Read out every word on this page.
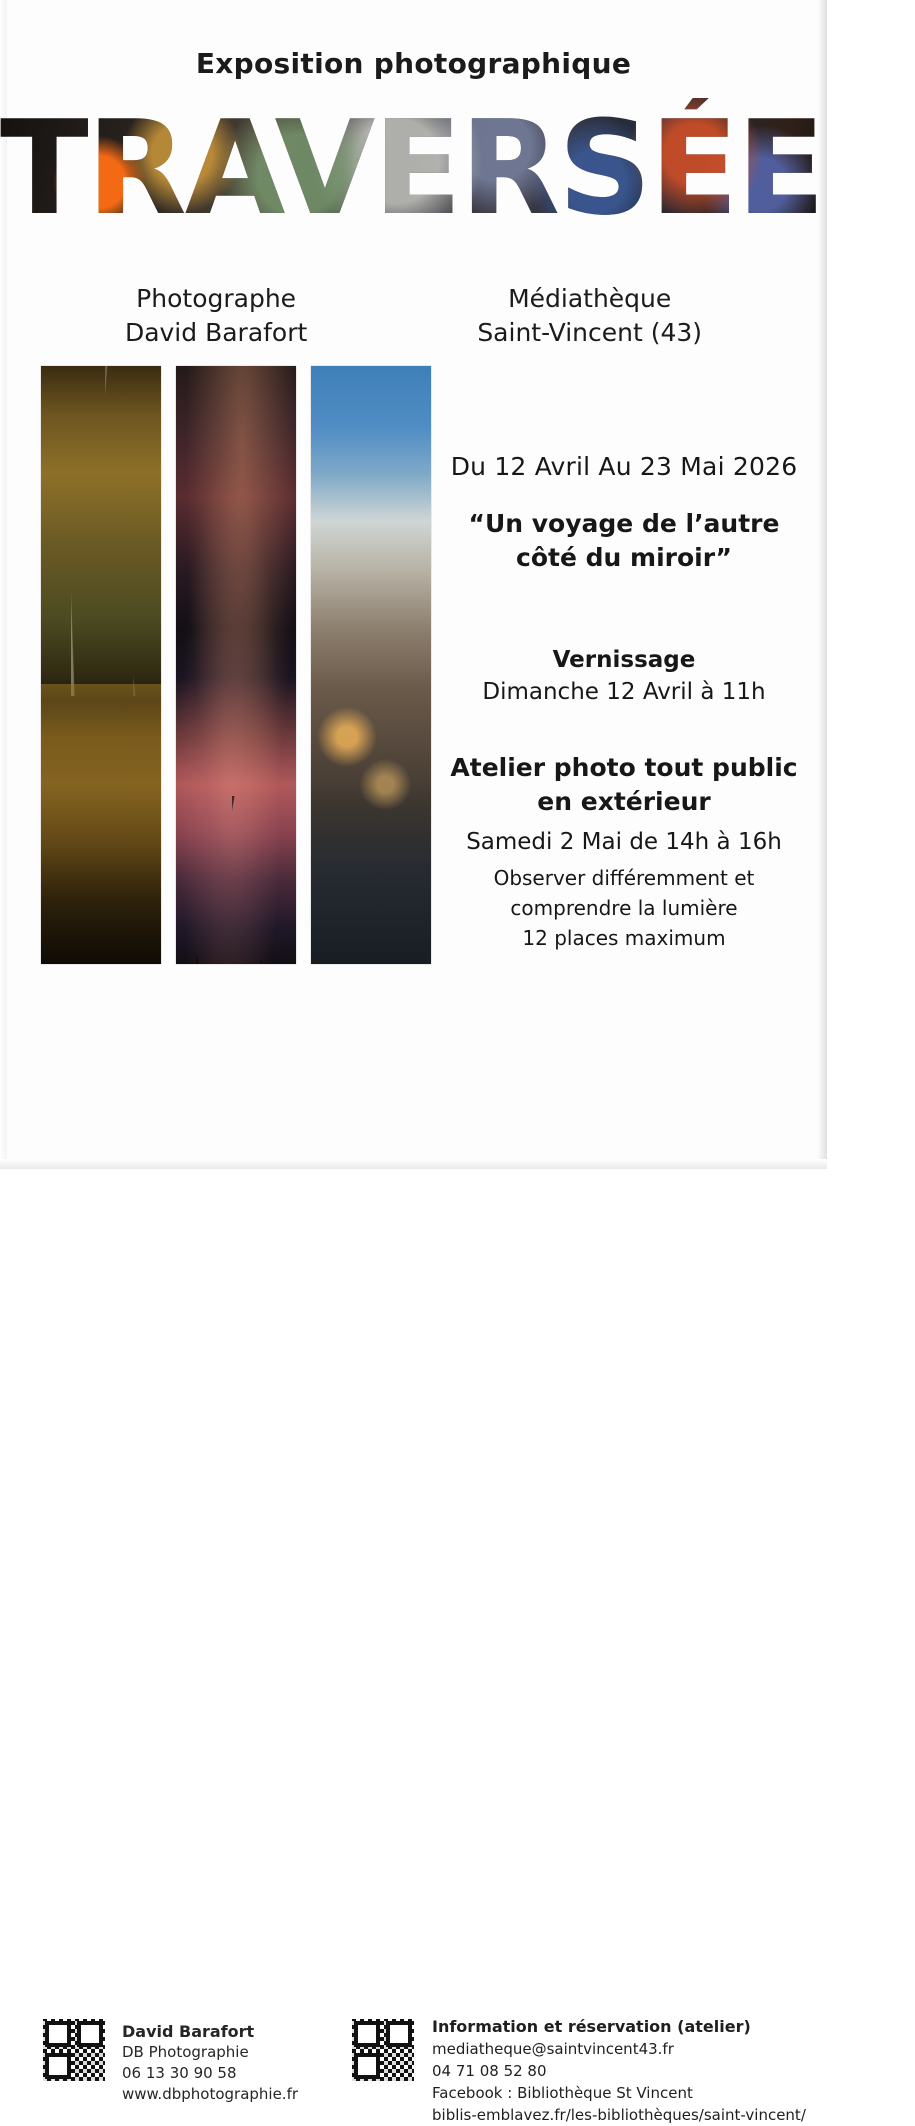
Exposition photographique
TRAVERSÉES
Photographe
David Barafort
Médiathèque
Saint-Vincent (43)
Du 12 Avril Au 23 Mai 2026
“Un voyage de l’autre
côté du miroir”
Vernissage
Dimanche 12 Avril à 11h
Atelier photo tout public
en extérieur
Samedi 2 Mai de 14h à 16h
Observer différemment et
comprendre la lumière
12 places maximum
David Barafort
DB Photographie
06 13 30 90 58
www.dbphotographie.fr
Information et réservation (atelier)
mediatheque@saintvincent43.fr
04 71 08 52 80
Facebook : Bibliothèque St Vincent
biblis-emblavez.fr/les-bibliothèques/saint-vincent/
